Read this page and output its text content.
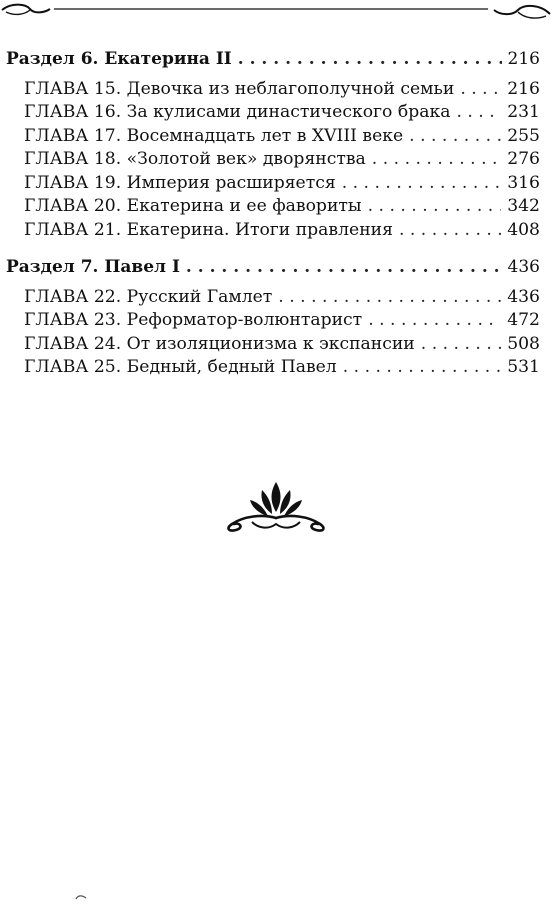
Раздел 6. Екатерина II . . .	216
ГЛАВА 15. Девочка из неблагополучной семьи . . .	216
ГЛАВА 16. За кулисами династического брака . . .	231
ГЛАВА 17. Восемнадцать лет в XVIII веке . . .	255
ГЛАВА 18. «Золотой век» дворянства . . .	276
ГЛАВА 19. Империя расширяется . . .	316
ГЛАВА 20. Екатерина и ее фавориты . . .	342
ГЛАВА 21. Екатерина. Итоги правления . . .	408
Раздел 7. Павел I . . .	436
ГЛАВА 22. Русский Гамлет . . .	436
ГЛАВА 23. Реформатор-волюнтарист . . .	472
ГЛАВА 24. От изоляционизма к экспансии . . .	508
ГЛАВА 25. Бедный, бедный Павел . . .	531
